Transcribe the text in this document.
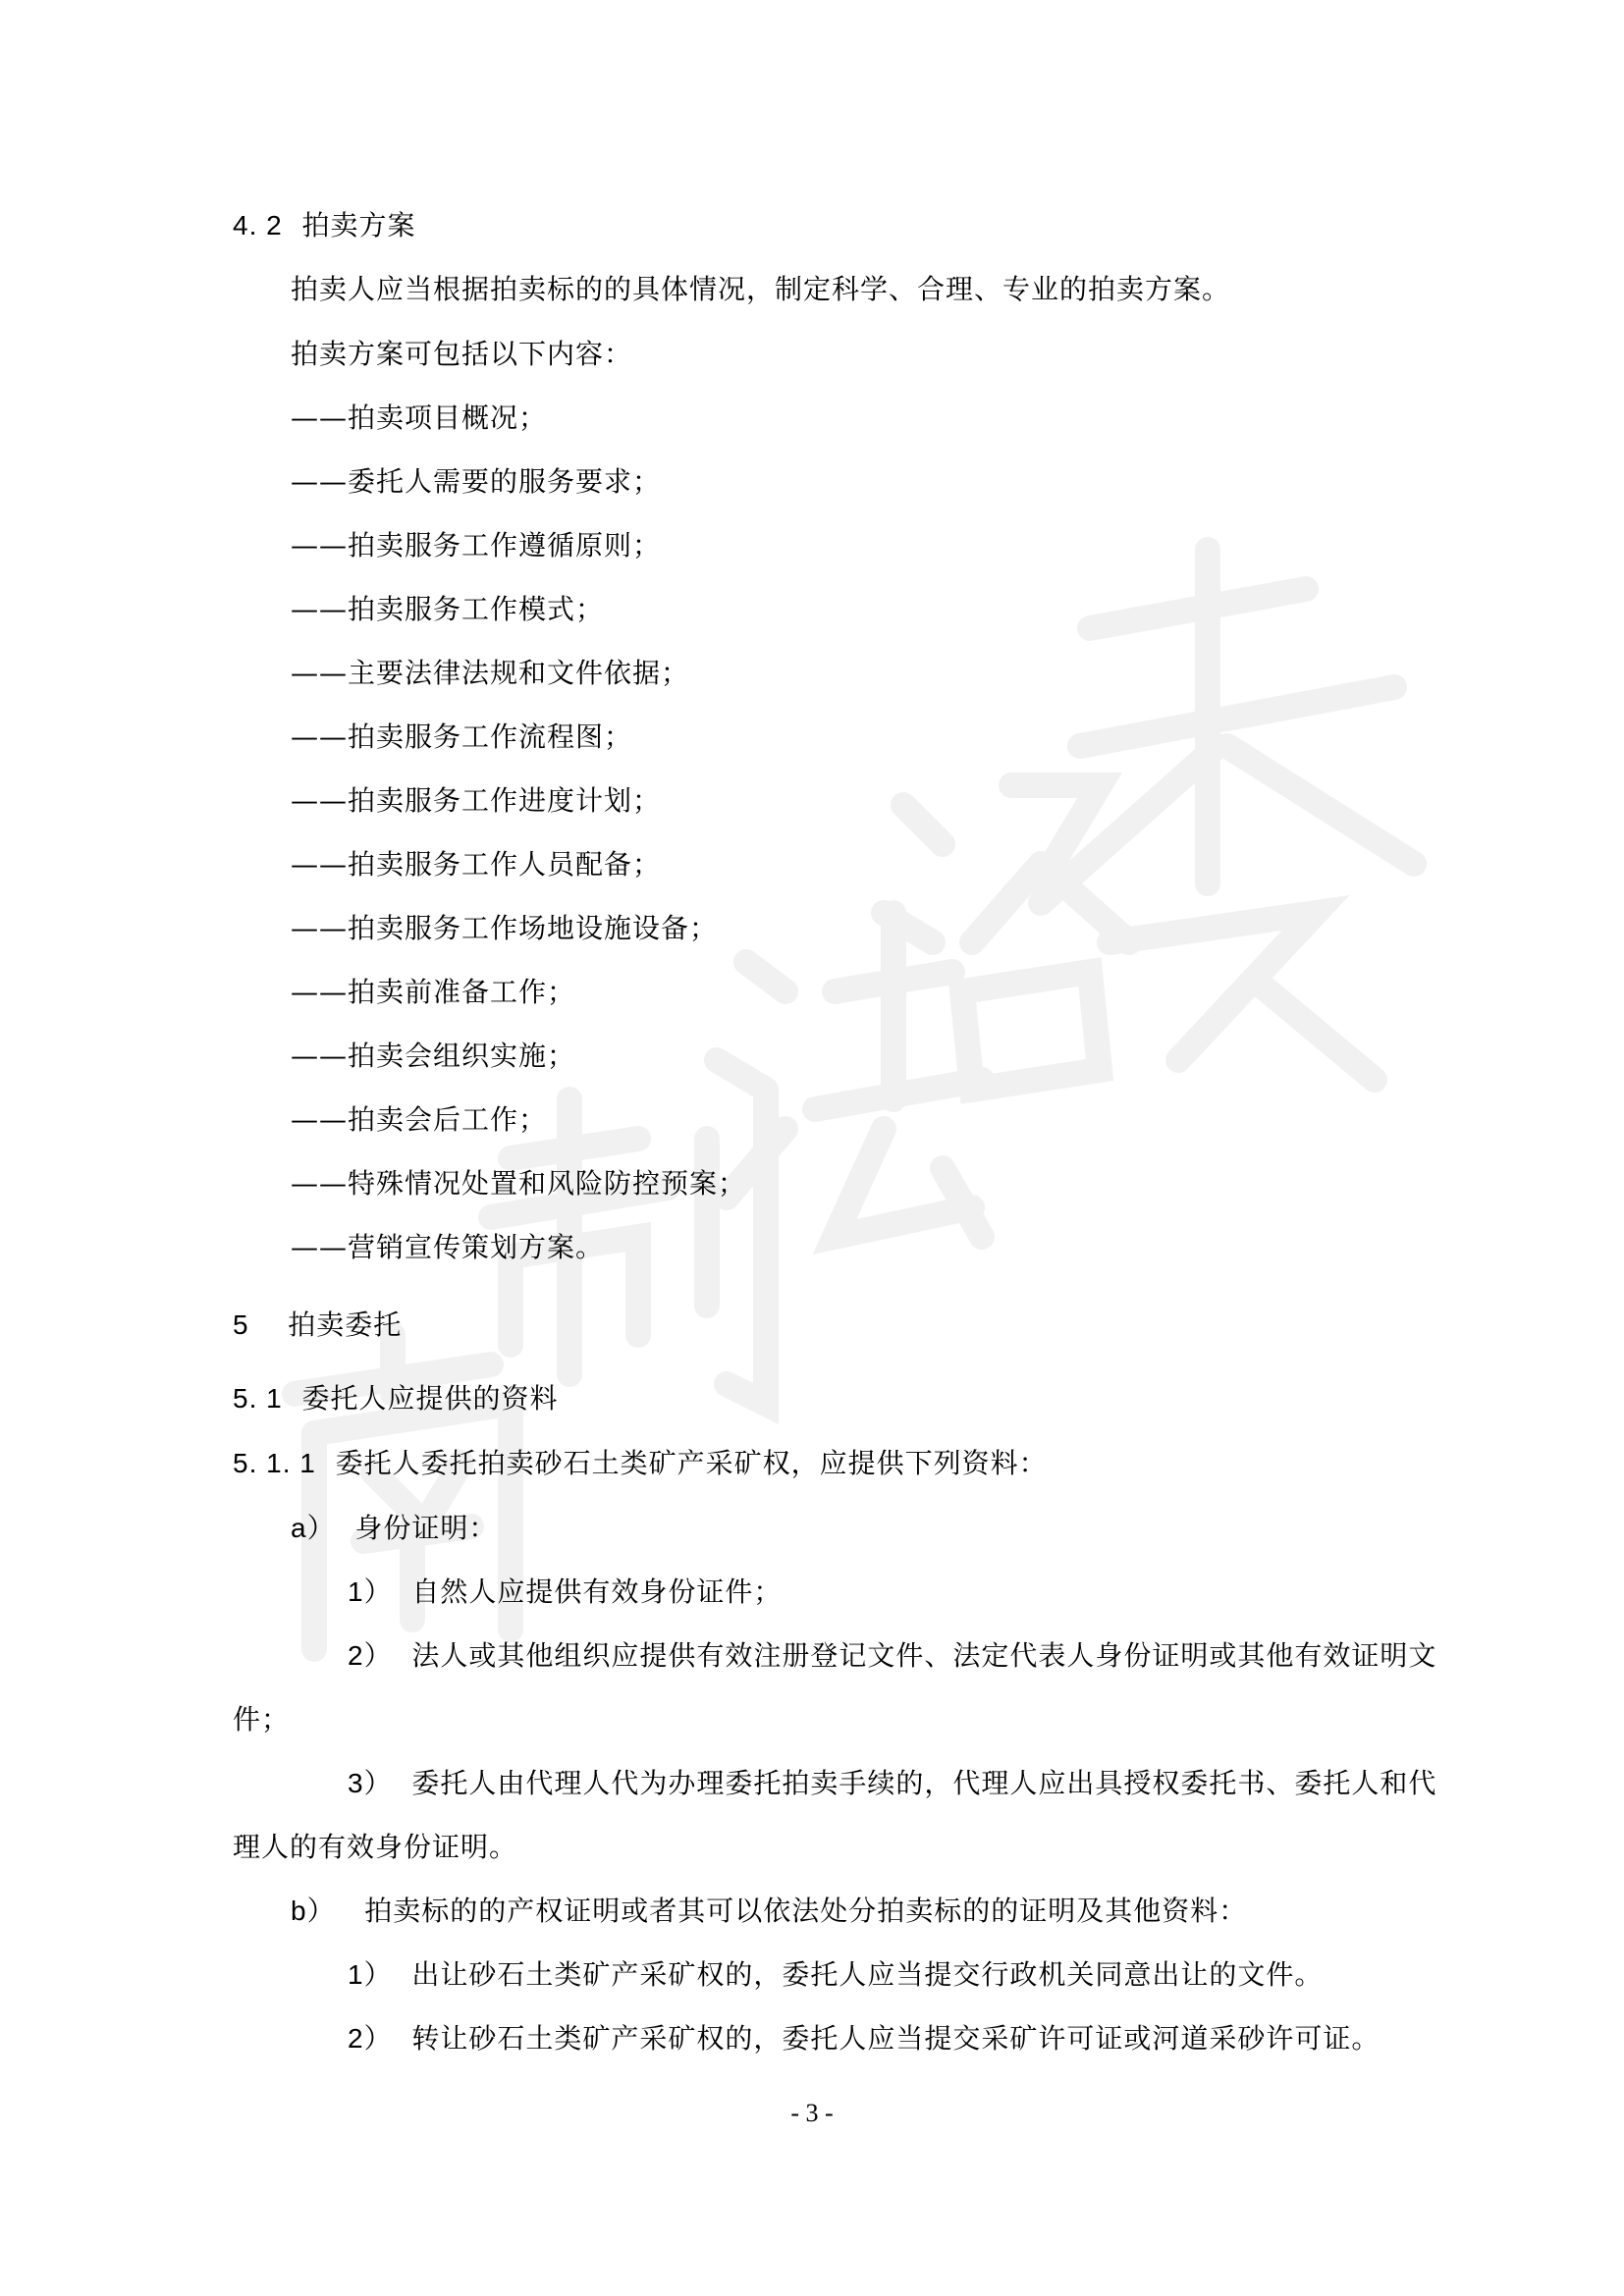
4. 2 拍卖方案
拍卖人应当根据拍卖标的的具体情况，制定科学、合理、专业的拍卖方案。
拍卖方案可包括以下内容：
——拍卖项目概况；
——委托人需要的服务要求；
——拍卖服务工作遵循原则；
——拍卖服务工作模式；
——主要法律法规和文件依据；
——拍卖服务工作流程图；
——拍卖服务工作进度计划；
——拍卖服务工作人员配备；
——拍卖服务工作场地设施设备；
——拍卖前准备工作；
——拍卖会组织实施；
——拍卖会后工作；
——特殊情况处置和风险防控预案；
——营销宣传策划方案。
5 拍卖委托
5. 1 委托人应提供的资料
5. 1. 1 委托人委托拍卖砂石土类矿产采矿权，应提供下列资料：
a） 身份证明：
1） 自然人应提供有效身份证件；
2） 法人或其他组织应提供有效注册登记文件、法定代表人身份证明或其他有效证明文
件；
3） 委托人由代理人代为办理委托拍卖手续的，代理人应出具授权委托书、委托人和代
理人的有效身份证明。
b） 拍卖标的的产权证明或者其可以依法处分拍卖标的的证明及其他资料：
1） 出让砂石土类矿产采矿权的，委托人应当提交行政机关同意出让的文件。
2） 转让砂石土类矿产采矿权的，委托人应当提交采矿许可证或河道采砂许可证。
- 3 -
